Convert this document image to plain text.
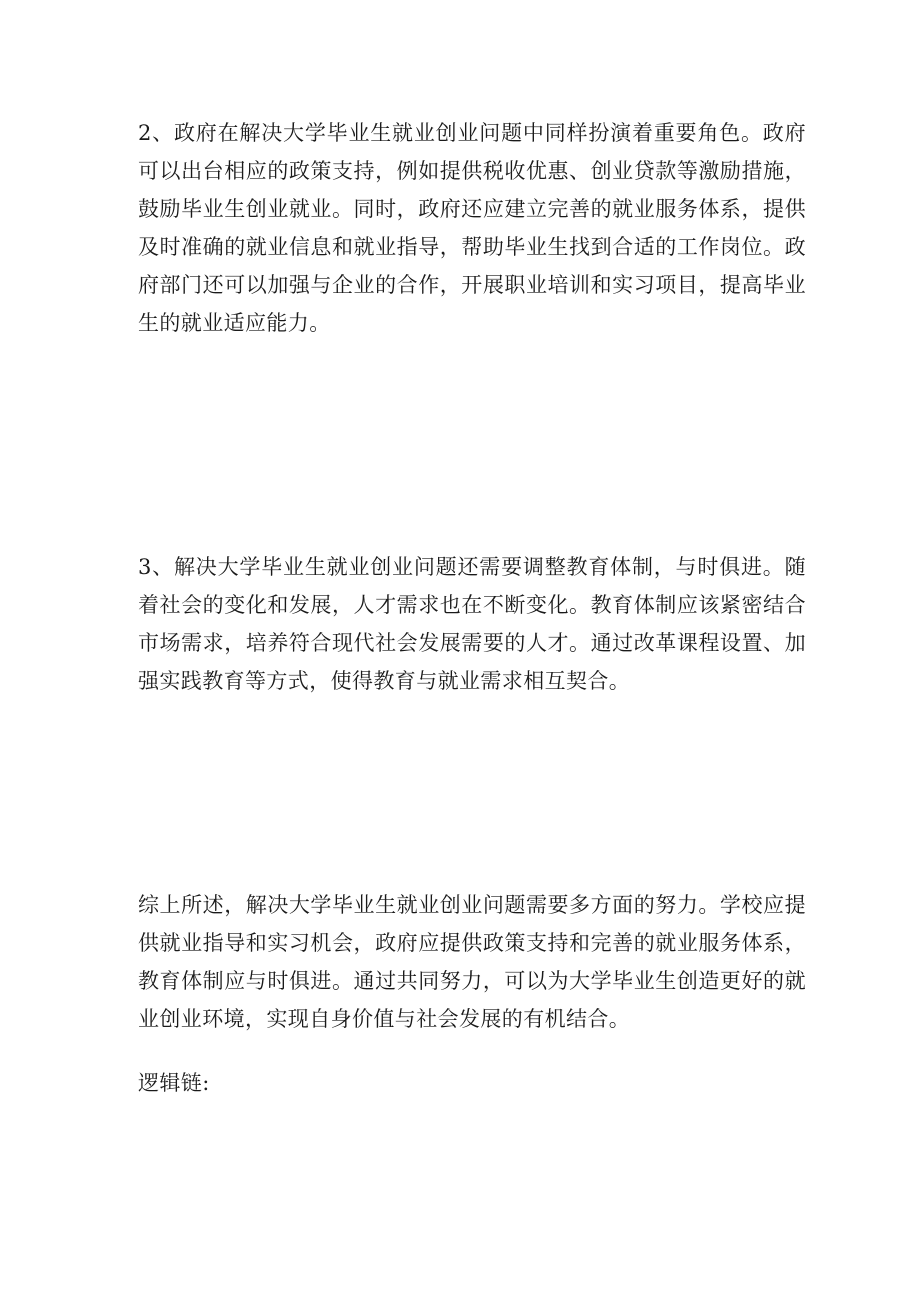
2、政府在解决大学毕业生就业创业问题中同样扮演着重要角色。政府可以出台相应的政策支持，例如提供税收优惠、创业贷款等激励措施，鼓励毕业生创业就业。同时，政府还应建立完善的就业服务体系，提供及时准确的就业信息和就业指导，帮助毕业生找到合适的工作岗位。政府部门还可以加强与企业的合作，开展职业培训和实习项目，提高毕业生的就业适应能力。

3、解决大学毕业生就业创业问题还需要调整教育体制，与时俱进。随着社会的变化和发展，人才需求也在不断变化。教育体制应该紧密结合市场需求，培养符合现代社会发展需要的人才。通过改革课程设置、加强实践教育等方式，使得教育与就业需求相互契合。

综上所述，解决大学毕业生就业创业问题需要多方面的努力。学校应提供就业指导和实习机会，政府应提供政策支持和完善的就业服务体系，教育体制应与时俱进。通过共同努力，可以为大学毕业生创造更好的就业创业环境，实现自身价值与社会发展的有机结合。

逻辑链:
